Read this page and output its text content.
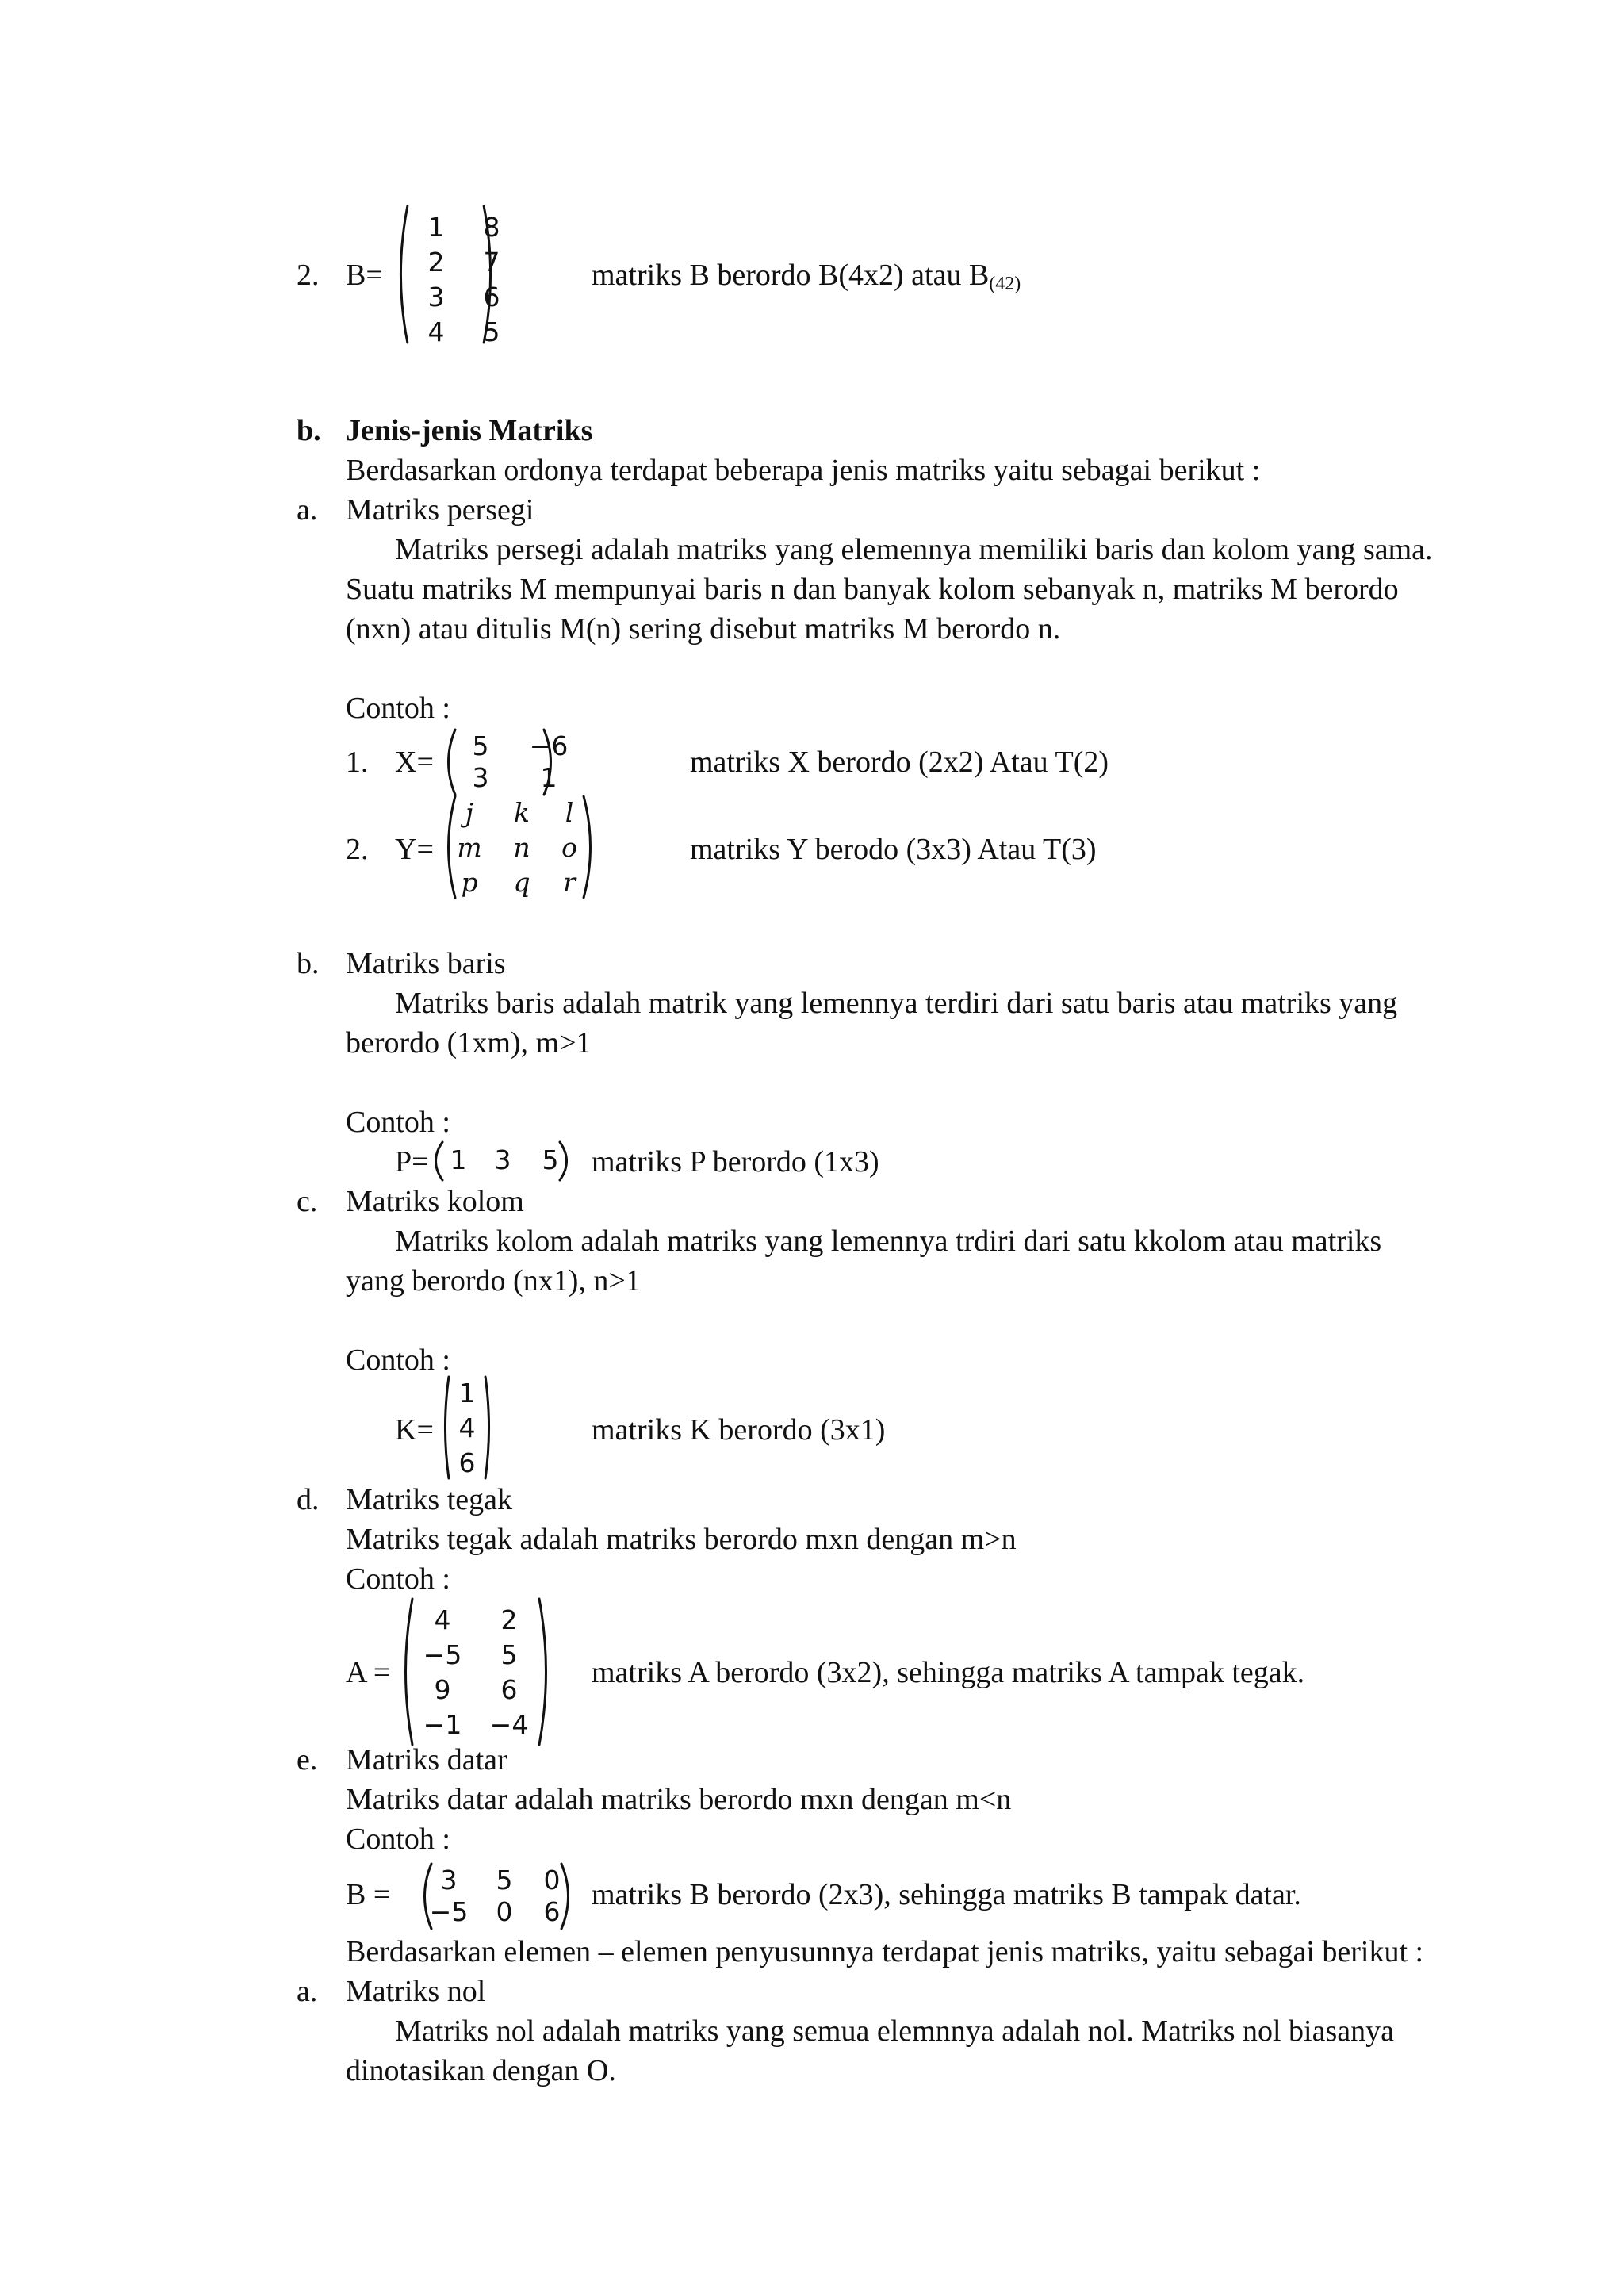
2. B=
1	8
2	7
3	6
4	5
matriks B berordo B(4x2) atau $B_{(42)}$
b. Jenis-jenis Matriks
Berdasarkan ordonya terdapat beberapa jenis matriks yaitu sebagai berikut :
a. Matriks persegi
Matriks persegi adalah matriks yang elemennya memiliki baris dan kolom yang sama.
Suatu matriks M mempunyai baris n dan banyak kolom sebanyak n, matriks M berordo
(nxn) atau ditulis M(n) sering disebut matriks M berordo n.
Contoh :
1. X=	5	−6
3	1	matriks X berordo (2x2) Atau T(2)
2. Y=
j	k	l
m	n	o
p	q	r
matriks Y berodo (3x3) Atau T(3)
b. Matriks baris
Matriks baris adalah matrik yang lemennya terdiri dari satu baris atau matriks yang
berordo (1xm), m>1
Contoh :
P= 1	3	5	matriks P berordo (1x3)
c. Matriks kolom
Matriks kolom adalah matriks yang lemennya trdiri dari satu kkolom atau matriks
yang berordo (nx1), n>1
Contoh :
K=
1
4
6
matriks K berordo (3x1)
d. Matriks tegak
Matriks tegak adalah matriks berordo mxn dengan m>n
Contoh :
A =
4	2
−5	5
9	6
−1	−4
matriks A berordo (3x2), sehingga matriks A tampak tegak.
e. Matriks datar
Matriks datar adalah matriks berordo mxn dengan m<n
Contoh :
B =	3	5	0
−5	0	6
matriks B berordo (2x3), sehingga matriks B tampak datar.
Berdasarkan elemen – elemen penyusunnya terdapat jenis matriks, yaitu sebagai berikut :
a. Matriks nol
Matriks nol adalah matriks yang semua elemnnya adalah nol. Matriks nol biasanya
dinotasikan dengan O.
